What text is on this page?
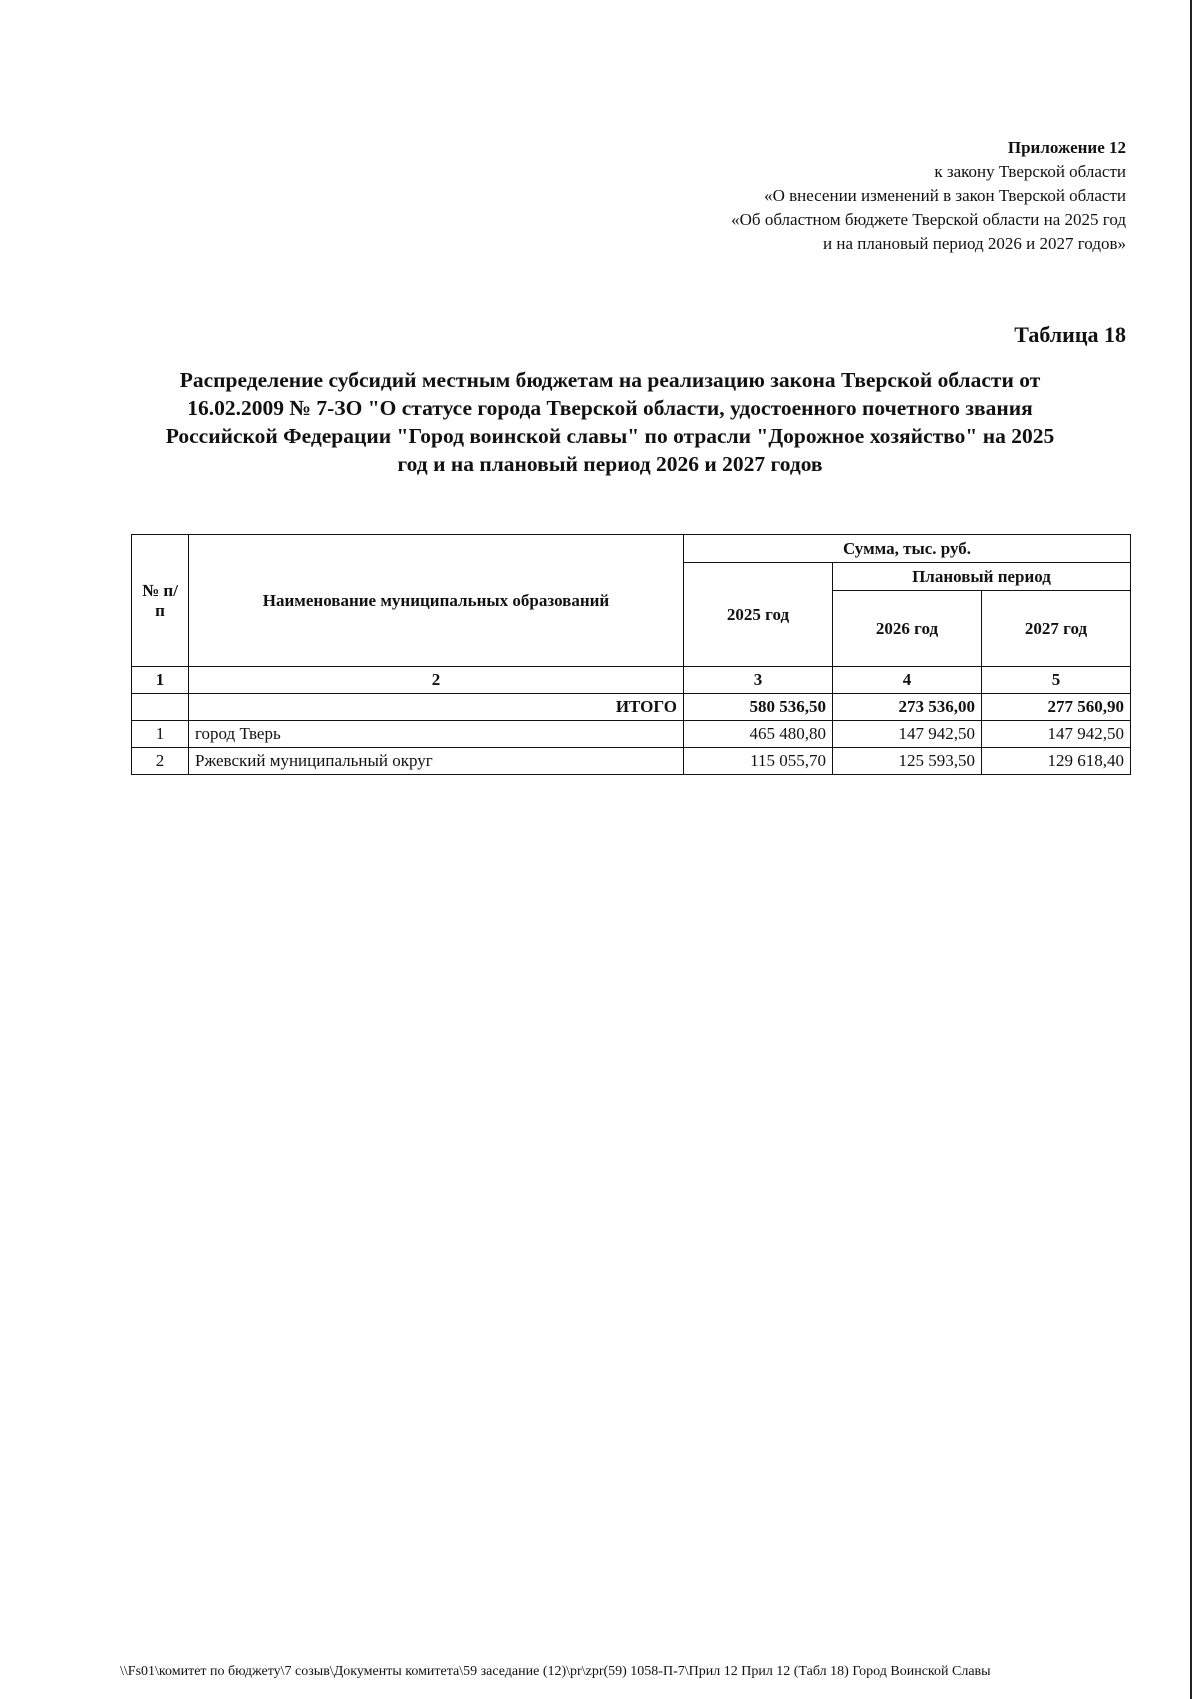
Приложение 12
к закону Тверской области
«О внесении изменений в закон Тверской области
«Об областном бюджете Тверской области на 2025 год
и на плановый период 2026 и 2027 годов»
Таблица 18
Распределение субсидий местным бюджетам на реализацию закона Тверской области от
16.02.2009 № 7-ЗО "О статусе города Тверской области, удостоенного почетного звания
Российской Федерации "Город воинской славы" по отрасли "Дорожное хозяйство" на 2025
год и на плановый период 2026 и 2027 годов
№ п/п	Наименование муниципальных образований	Сумма, тыс. руб.		
		2025 год	Плановый период	
			2026 год	2027 год
1	2	3	4	5
	ИТОГО	580 536,50	273 536,00	277 560,90
1	город Тверь	465 480,80	147 942,50	147 942,50
2	Ржевский муниципальный округ	115 055,70	125 593,50	129 618,40
\\Fs01\комитет по бюджету\7 созыв\Документы комитета\59 заседание (12)\pr\zpr(59) 1058-П-7\Прил 12 Прил 12 (Табл 18) Город Воинской Славы
